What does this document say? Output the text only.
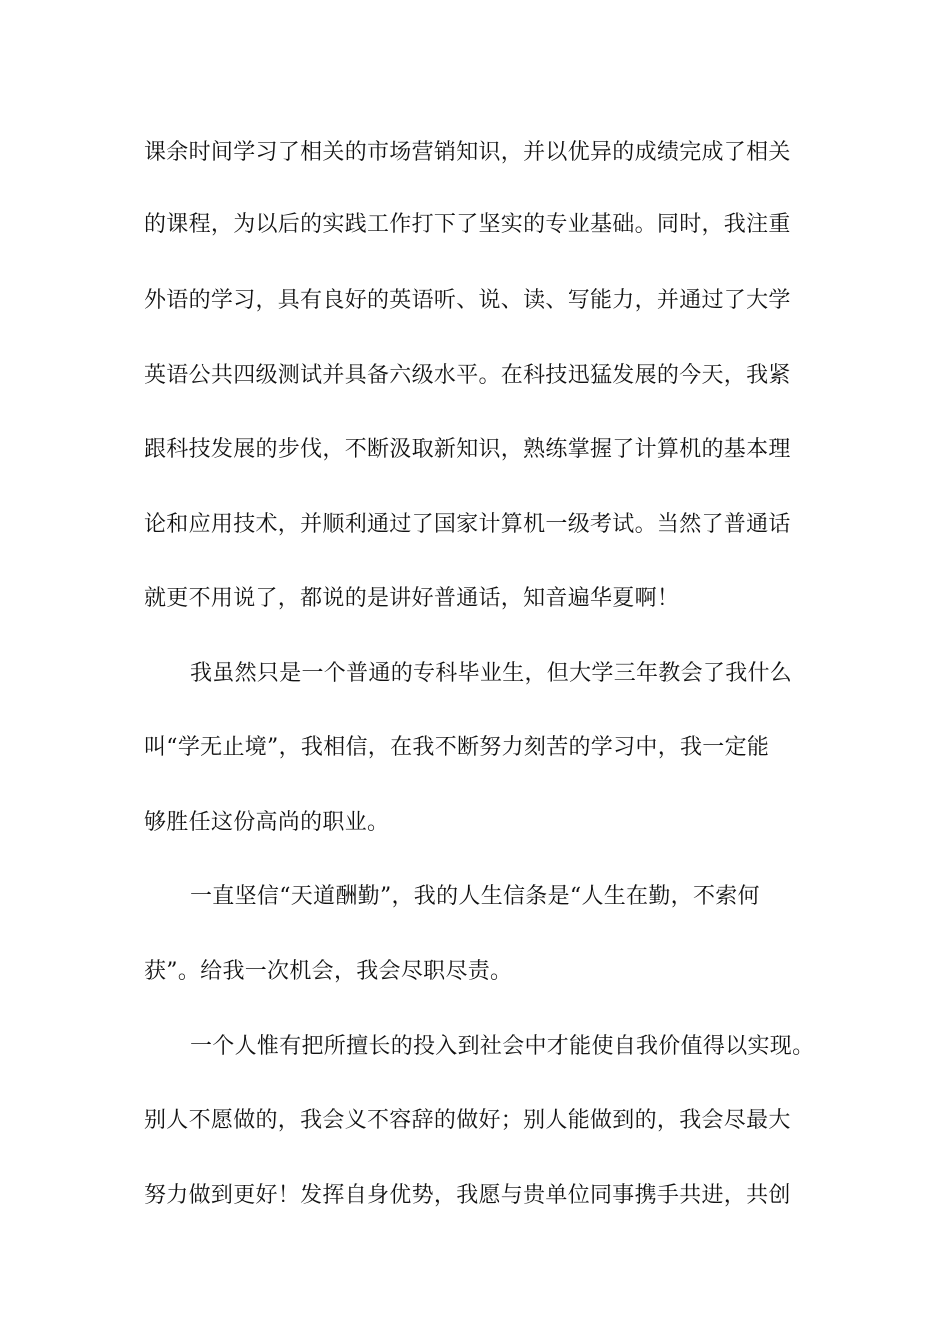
课余时间学习了相关的市场营销知识，并以优异的成绩完成了相关
的课程，为以后的实践工作打下了坚实的专业基础。同时，我注重
外语的学习，具有良好的英语听、说、读、写能力，并通过了大学
英语公共四级测试并具备六级水平。在科技迅猛发展的今天，我紧
跟科技发展的步伐，不断汲取新知识，熟练掌握了计算机的基本理
论和应用技术，并顺利通过了国家计算机一级考试。当然了普通话
就更不用说了，都说的是讲好普通话，知音遍华夏啊！
我虽然只是一个普通的专科毕业生，但大学三年教会了我什么
叫“学无止境”，我相信，在我不断努力刻苦的学习中，我一定能
够胜任这份高尚的职业。
一直坚信“天道酬勤”，我的人生信条是“人生在勤，不索何
获”。给我一次机会，我会尽职尽责。
一个人惟有把所擅长的投入到社会中才能使自我价值得以实现。
别人不愿做的，我会义不容辞的做好；别人能做到的，我会尽最大
努力做到更好！发挥自身优势，我愿与贵单位同事携手共进，共创
